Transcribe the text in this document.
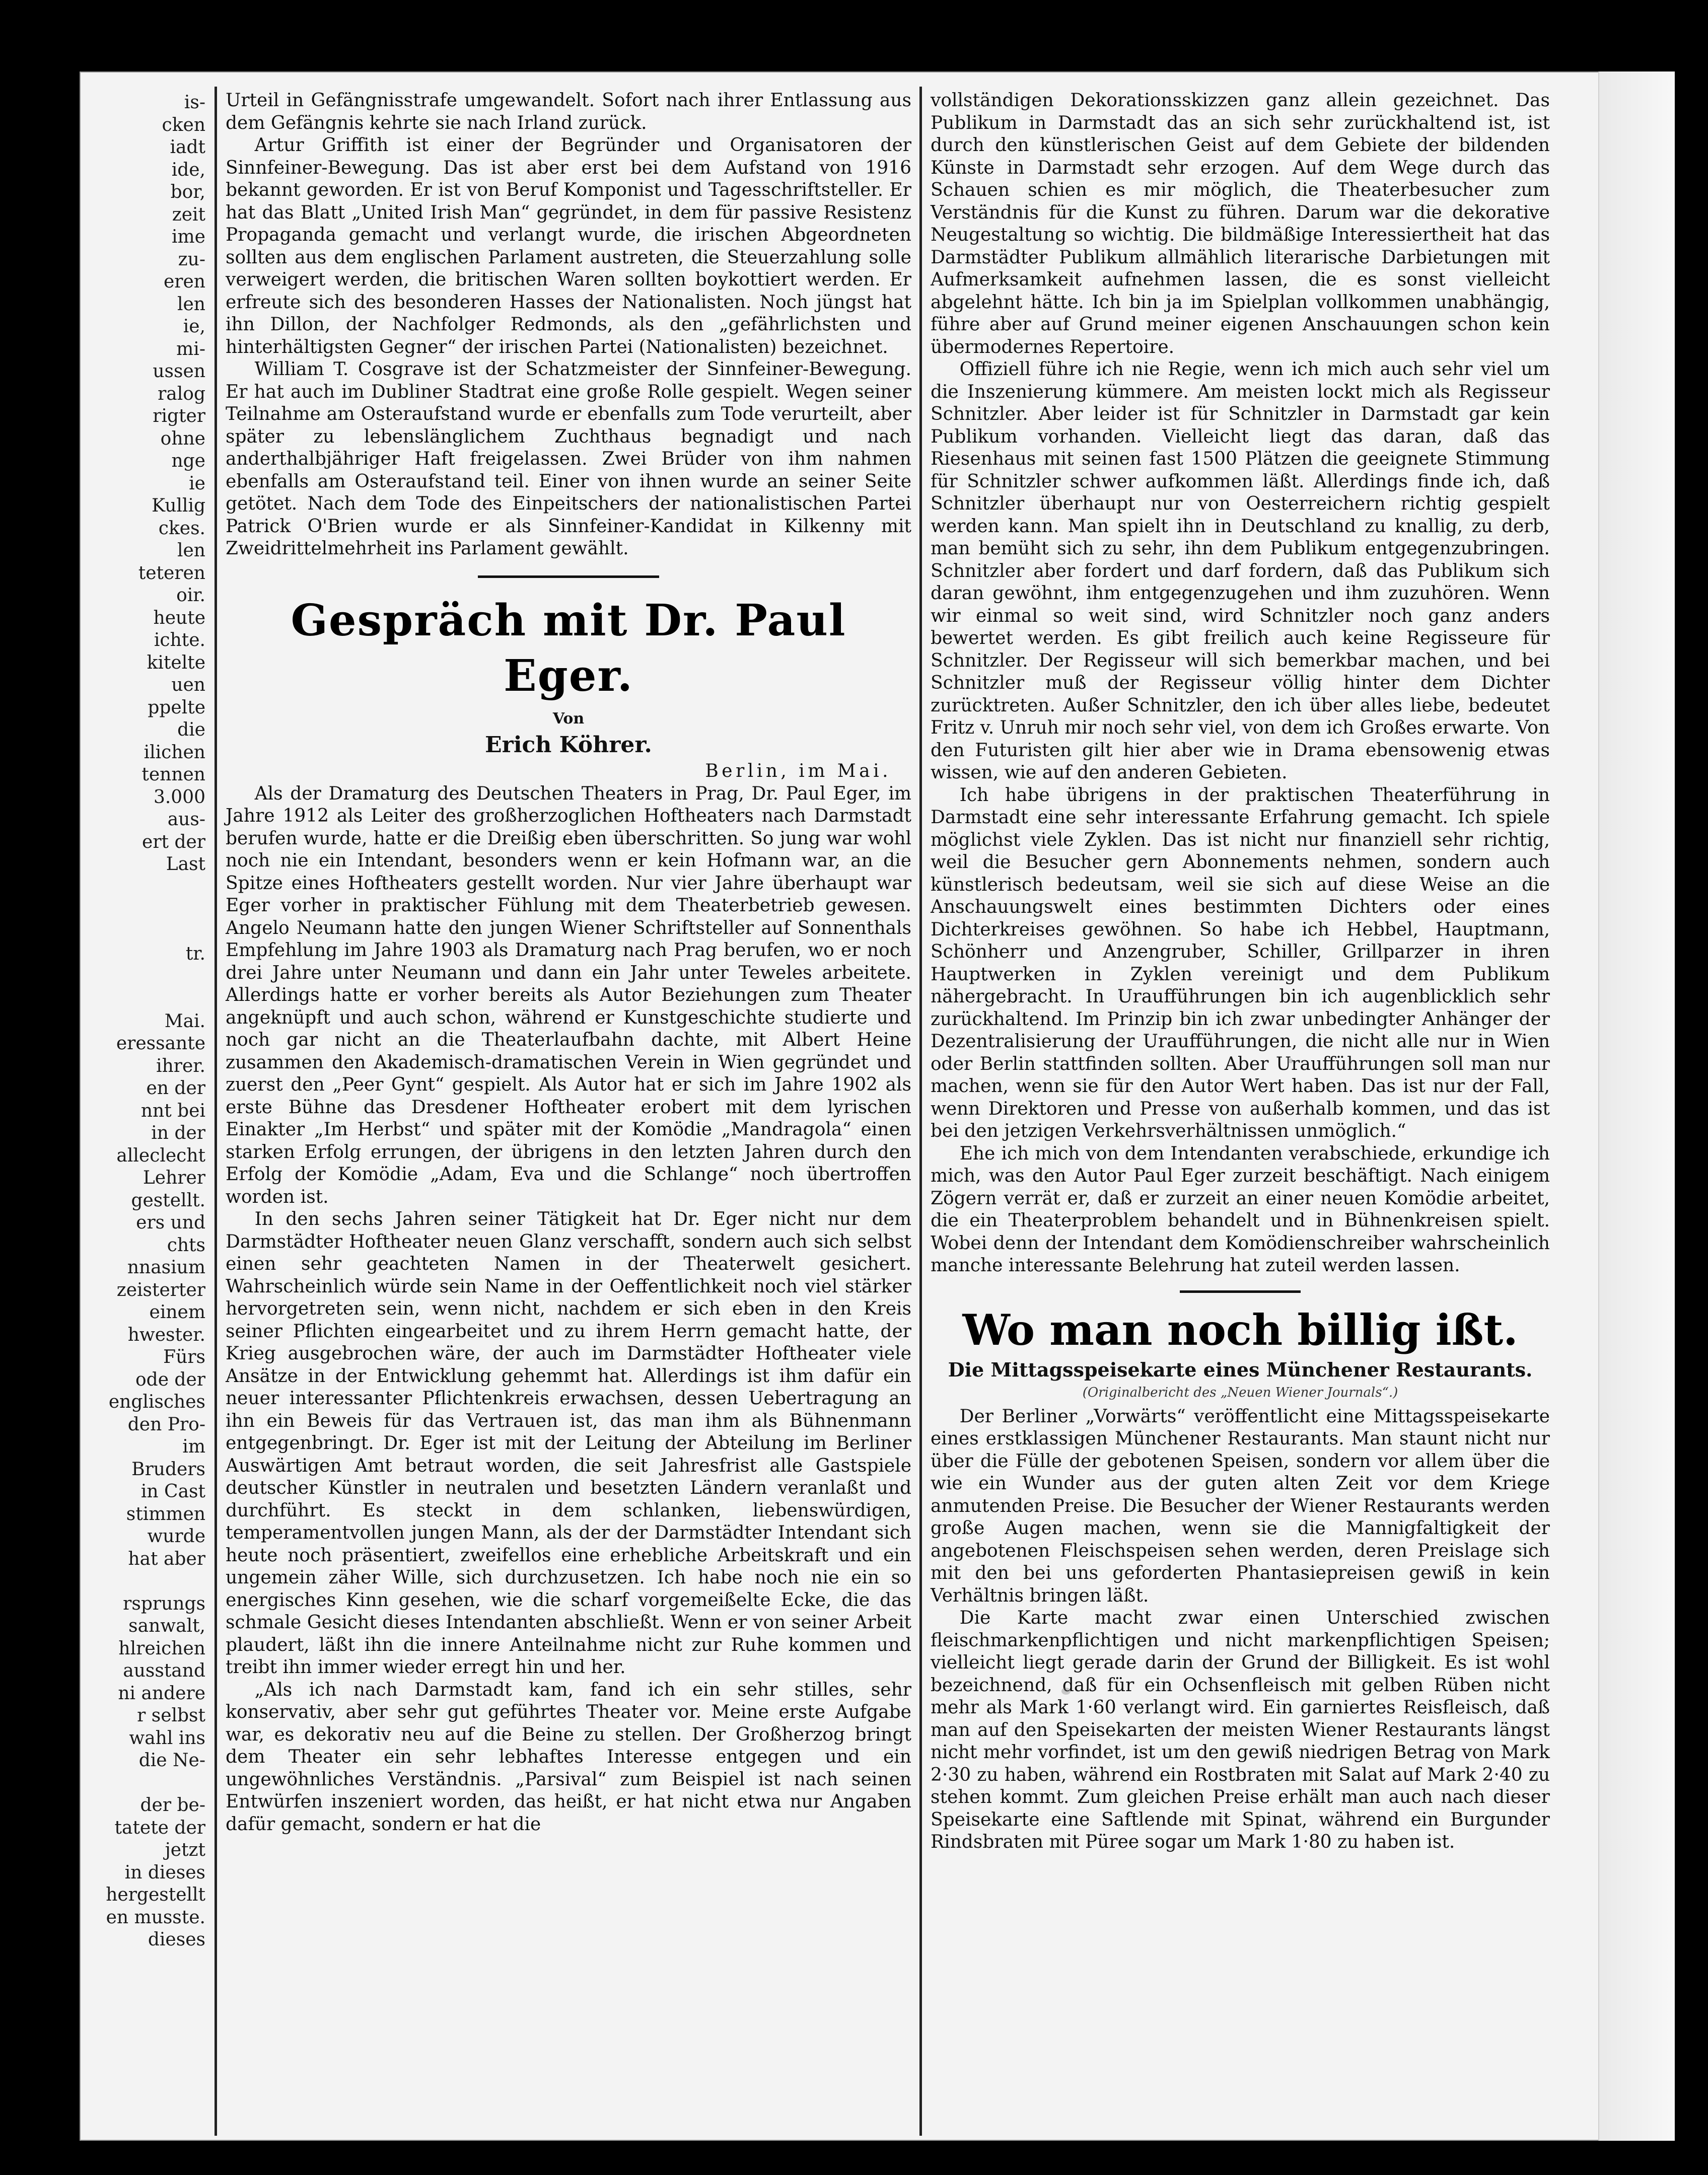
is-
cken
iadt
ide,
bor,
zeit
ime
zu-
eren
len
ie,
mi-
ussen
ralog
rigter
ohne
nge
ie
Kullig
ckes.
len
teteren
oir.
heute
ichte.
kitelte
uen
ppelte
die
ilichen
tennen
3.000
aus-
ert der
Last
tr.
Mai.
eressante
ihrer.
en der
nnt bei
in der
alleclecht
Lehrer
gestellt.
ers und
chts
nnasium
zeisterter
einem
hwester.
Fürs
ode der
englisches
den Pro-
im
Bruders
in Cast
stimmen
wurde
hat aber
rsprungs
sanwalt,
hlreichen
ausstand
ni andere
r selbst
wahl ins
die Ne-
der be-
tatete der
jetzt
in dieses
hergestellt
en musste.
dieses

Urteil in Gefängnisstrafe umgewandelt. Sofort nach ihrer Entlassung aus dem Gefängnis kehrte sie nach Irland zurück.

Artur Griffith ist einer der Begründer und Organisatoren der Sinnfeiner-Bewegung. Das ist aber erst bei dem Aufstand von 1916 bekannt geworden. Er ist von Beruf Komponist und Tagesschriftsteller. Er hat das Blatt „United Irish Man“ gegründet, in dem für passive Resistenz Propaganda gemacht und verlangt wurde, die irischen Abgeordneten sollten aus dem englischen Parlament austreten, die Steuerzahlung solle verweigert werden, die britischen Waren sollten boykottiert werden. Er erfreute sich des besonderen Hasses der Nationalisten. Noch jüngst hat ihn Dillon, der Nachfolger Redmonds, als den „gefährlichsten und hinterhältigsten Gegner“ der irischen Partei (Nationalisten) bezeichnet.

William T. Cosgrave ist der Schatzmeister der Sinnfeiner-Bewegung. Er hat auch im Dubliner Stadtrat eine große Rolle gespielt. Wegen seiner Teilnahme am Osteraufstand wurde er ebenfalls zum Tode verurteilt, aber später zu lebenslänglichem Zuchthaus begnadigt und nach anderthalbjähriger Haft freigelassen. Zwei Brüder von ihm nahmen ebenfalls am Osteraufstand teil. Einer von ihnen wurde an seiner Seite getötet. Nach dem Tode des Einpeitschers der nationalistischen Partei Patrick O'Brien wurde er als Sinnfeiner-Kandidat in Kilkenny mit Zweidrittelmehrheit ins Parlament gewählt.

Gespräch mit Dr. Paul Eger.
Von
Erich Köhrer.
Berlin, im Mai.

Als der Dramaturg des Deutschen Theaters in Prag, Dr. Paul Eger, im Jahre 1912 als Leiter des großherzoglichen Hoftheaters nach Darmstadt berufen wurde, hatte er die Dreißig eben überschritten. So jung war wohl noch nie ein Intendant, besonders wenn er kein Hofmann war, an die Spitze eines Hoftheaters gestellt worden. Nur vier Jahre überhaupt war Eger vorher in praktischer Fühlung mit dem Theaterbetrieb gewesen. Angelo Neumann hatte den jungen Wiener Schriftsteller auf Sonnenthals Empfehlung im Jahre 1903 als Dramaturg nach Prag berufen, wo er noch drei Jahre unter Neumann und dann ein Jahr unter Teweles arbeitete. Allerdings hatte er vorher bereits als Autor Beziehungen zum Theater angeknüpft und auch schon, während er Kunstgeschichte studierte und noch gar nicht an die Theaterlaufbahn dachte, mit Albert Heine zusammen den Akademisch-dramatischen Verein in Wien gegründet und zuerst den „Peer Gynt“ gespielt. Als Autor hat er sich im Jahre 1902 als erste Bühne das Dresdener Hoftheater erobert mit dem lyrischen Einakter „Im Herbst“ und später mit der Komödie „Mandragola“ einen starken Erfolg errungen, der übrigens in den letzten Jahren durch den Erfolg der Komödie „Adam, Eva und die Schlange“ noch übertroffen worden ist.

In den sechs Jahren seiner Tätigkeit hat Dr. Eger nicht nur dem Darmstädter Hoftheater neuen Glanz verschafft, sondern auch sich selbst einen sehr geachteten Namen in der Theaterwelt gesichert. Wahrscheinlich würde sein Name in der Oeffentlichkeit noch viel stärker hervorgetreten sein, wenn nicht, nachdem er sich eben in den Kreis seiner Pflichten eingearbeitet und zu ihrem Herrn gemacht hatte, der Krieg ausgebrochen wäre, der auch im Darmstädter Hoftheater viele Ansätze in der Entwicklung gehemmt hat. Allerdings ist ihm dafür ein neuer interessanter Pflichtenkreis erwachsen, dessen Uebertragung an ihn ein Beweis für das Vertrauen ist, das man ihm als Bühnenmann entgegenbringt. Dr. Eger ist mit der Leitung der Abteilung im Berliner Auswärtigen Amt betraut worden, die seit Jahresfrist alle Gastspiele deutscher Künstler in neutralen und besetzten Ländern veranlaßt und durchführt. Es steckt in dem schlanken, liebenswürdigen, temperamentvollen jungen Mann, als der der Darmstädter Intendant sich heute noch präsentiert, zweifellos eine erhebliche Arbeitskraft und ein ungemein zäher Wille, sich durchzusetzen. Ich habe noch nie ein so energisches Kinn gesehen, wie die scharf vorgemeißelte Ecke, die das schmale Gesicht dieses Intendanten abschließt. Wenn er von seiner Arbeit plaudert, läßt ihn die innere Anteilnahme nicht zur Ruhe kommen und treibt ihn immer wieder erregt hin und her.

„Als ich nach Darmstadt kam, fand ich ein sehr stilles, sehr konservativ, aber sehr gut geführtes Theater vor. Meine erste Aufgabe war, es dekorativ neu auf die Beine zu stellen. Der Großherzog bringt dem Theater ein sehr lebhaftes Interesse entgegen und ein ungewöhnliches Verständnis. „Parsival“ zum Beispiel ist nach seinen Entwürfen inszeniert worden, das heißt, er hat nicht etwa nur Angaben dafür gemacht, sondern er hat die

vollständigen Dekorationsskizzen ganz allein gezeichnet. Das Publikum in Darmstadt das an sich sehr zurückhaltend ist, ist durch den künstlerischen Geist auf dem Gebiete der bildenden Künste in Darmstadt sehr erzogen. Auf dem Wege durch das Schauen schien es mir möglich, die Theaterbesucher zum Verständnis für die Kunst zu führen. Darum war die dekorative Neugestaltung so wichtig. Die bildmäßige Interessiertheit hat das Darmstädter Publikum allmählich literarische Darbietungen mit Aufmerksamkeit aufnehmen lassen, die es sonst vielleicht abgelehnt hätte. Ich bin ja im Spielplan vollkommen unabhängig, führe aber auf Grund meiner eigenen Anschauungen schon kein übermodernes Repertoire.

Offiziell führe ich nie Regie, wenn ich mich auch sehr viel um die Inszenierung kümmere. Am meisten lockt mich als Regisseur Schnitzler. Aber leider ist für Schnitzler in Darmstadt gar kein Publikum vorhanden. Vielleicht liegt das daran, daß das Riesenhaus mit seinen fast 1500 Plätzen die geeignete Stimmung für Schnitzler schwer aufkommen läßt. Allerdings finde ich, daß Schnitzler überhaupt nur von Oesterreichern richtig gespielt werden kann. Man spielt ihn in Deutschland zu knallig, zu derb, man bemüht sich zu sehr, ihn dem Publikum entgegenzubringen. Schnitzler aber fordert und darf fordern, daß das Publikum sich daran gewöhnt, ihm entgegenzugehen und ihm zuzuhören. Wenn wir einmal so weit sind, wird Schnitzler noch ganz anders bewertet werden. Es gibt freilich auch keine Regisseure für Schnitzler. Der Regisseur will sich bemerkbar machen, und bei Schnitzler muß der Regisseur völlig hinter dem Dichter zurücktreten. Außer Schnitzler, den ich über alles liebe, bedeutet Fritz v. Unruh mir noch sehr viel, von dem ich Großes erwarte. Von den Futuristen gilt hier aber wie in Drama ebensowenig etwas wissen, wie auf den anderen Gebieten.

Ich habe übrigens in der praktischen Theaterführung in Darmstadt eine sehr interessante Erfahrung gemacht. Ich spiele möglichst viele Zyklen. Das ist nicht nur finanziell sehr richtig, weil die Besucher gern Abonnements nehmen, sondern auch künstlerisch bedeutsam, weil sie sich auf diese Weise an die Anschauungswelt eines bestimmten Dichters oder eines Dichterkreises gewöhnen. So habe ich Hebbel, Hauptmann, Schönherr und Anzengruber, Schiller, Grillparzer in ihren Hauptwerken in Zyklen vereinigt und dem Publikum nähergebracht. In Uraufführungen bin ich augenblicklich sehr zurückhaltend. Im Prinzip bin ich zwar unbedingter Anhänger der Dezentralisierung der Uraufführungen, die nicht alle nur in Wien oder Berlin stattfinden sollten. Aber Uraufführungen soll man nur machen, wenn sie für den Autor Wert haben. Das ist nur der Fall, wenn Direktoren und Presse von außerhalb kommen, und das ist bei den jetzigen Verkehrsverhältnissen unmöglich.“

Ehe ich mich von dem Intendanten verabschiede, erkundige ich mich, was den Autor Paul Eger zurzeit beschäftigt. Nach einigem Zögern verrät er, daß er zurzeit an einer neuen Komödie arbeitet, die ein Theaterproblem behandelt und in Bühnenkreisen spielt. Wobei denn der Intendant dem Komödienschreiber wahrscheinlich manche interessante Belehrung hat zuteil werden lassen.

Wo man noch billig ißt.
Die Mittagsspeisekarte eines Münchener Restaurants.
(Originalbericht des „Neuen Wiener Journals“.)

Der Berliner „Vorwärts“ veröffentlicht eine Mittagsspeisekarte eines erstklassigen Münchener Restaurants. Man staunt nicht nur über die Fülle der gebotenen Speisen, sondern vor allem über die wie ein Wunder aus der guten alten Zeit vor dem Kriege anmutenden Preise. Die Besucher der Wiener Restaurants werden große Augen machen, wenn sie die Mannigfaltigkeit der angebotenen Fleischspeisen sehen werden, deren Preislage sich mit den bei uns geforderten Phantasiepreisen gewiß in kein Verhältnis bringen läßt.

Die Karte macht zwar einen Unterschied zwischen fleischmarkenpflichtigen und nicht markenpflichtigen Speisen; vielleicht liegt gerade darin der Grund der Billigkeit. Es ist wohl bezeichnend, daß für ein Ochsenfleisch mit gelben Rüben nicht mehr als Mark 1·60 verlangt wird. Ein garniertes Reisfleisch, daß man auf den Speisekarten der meisten Wiener Restaurants längst nicht mehr vorfindet, ist um den gewiß niedrigen Betrag von Mark 2·30 zu haben, während ein Rostbraten mit Salat auf Mark 2·40 zu stehen kommt. Zum gleichen Preise erhält man auch nach dieser Speisekarte eine Saftlende mit Spinat, während ein Burgunder Rindsbraten mit Püree sogar um Mark 1·80 zu haben ist.
